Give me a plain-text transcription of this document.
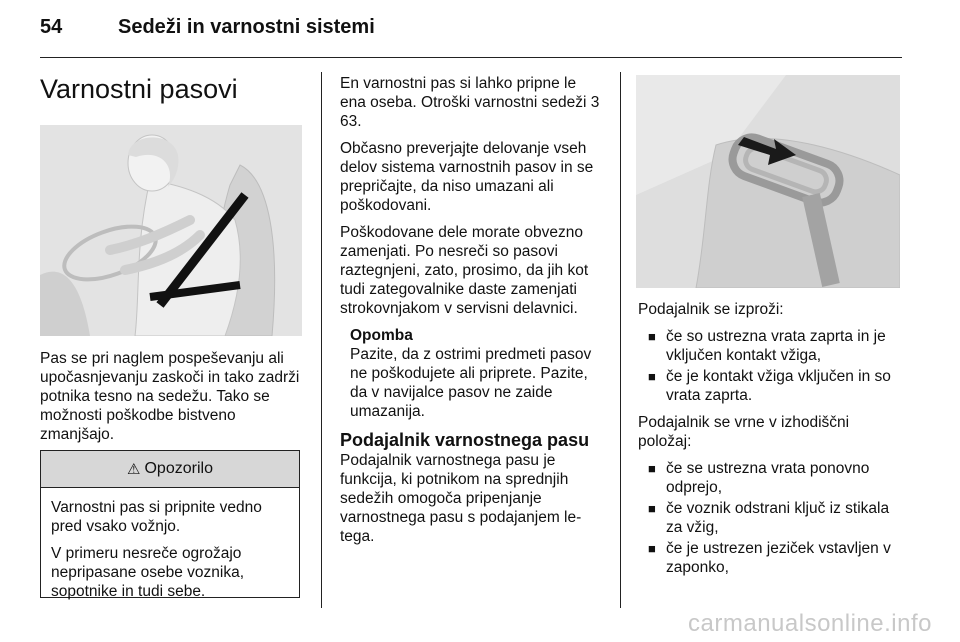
54	Sedeži in varnostni sistemi
Varnostni pasovi

Pas se pri naglem pospeševanju ali upočasnjevanju zaskoči in tako zadrži potnika tesno na sedežu. Tako se možnosti poškodbe bistveno zmanjšajo.

⚠ Opozorilo

Varnostni pas si pripnite vedno pred vsako vožnjo.

V primeru nesreče ogrožajo nepripasane osebe voznika, sopotnike in tudi sebe.

En varnostni pas si lahko pripne le ena oseba. Otroški varnostni sedeži 3 63.

Občasno preverjajte delovanje vseh delov sistema varnostnih pasov in se prepričajte, da niso umazani ali poškodovani.

Poškodovane dele morate obvezno zamenjati. Po nesreči so pasovi raztegnjeni, zato, prosimo, da jih kot tudi zategovalnike daste zamenjati strokovnjakom v servisni delavnici.

Opomba
Pazite, da z ostrimi predmeti pasov ne poškodujete ali priprete. Pazite, da v navijalce pasov ne zaide umazanija.
Podajalnik varnostnega pasu

Podajalnik varnostnega pasu je funkcija, ki potnikom na sprednjih sedežih omogoča pripenjanje varnostnega pasu s podajanjem le-tega.

Podajalnik se izproži:

■ če so ustrezna vrata zaprta in je vključen kontakt vžiga,
■ če je kontakt vžiga vključen in so vrata zaprta.

Podajalnik se vrne v izhodiščni položaj:

■ če se ustrezna vrata ponovno odprejo,
■ če voznik odstrani ključ iz stikala za vžig,
■ če je ustrezen jeziček vstavljen v zaponko,
carmanualsonline.info
